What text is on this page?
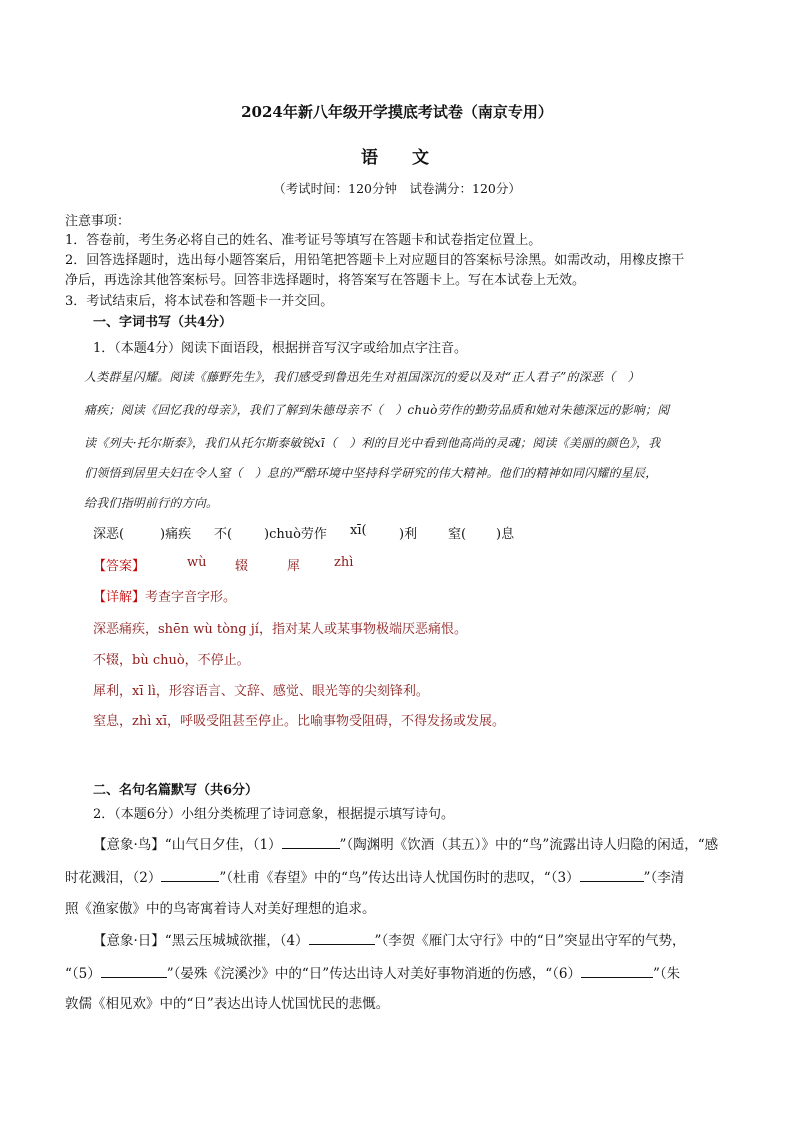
2024年新八年级开学摸底考试卷（南京专用）
语文
（考试时间：120分钟　试卷满分：120分）
注意事项：
1．答卷前，考生务必将自己的姓名、准考证号等填写在答题卡和试卷指定位置上。
2．回答选择题时，选出每小题答案后，用铅笔把答题卡上对应题目的答案标号涂黑。如需改动，用橡皮擦干
净后，再选涂其他答案标号。回答非选择题时，将答案写在答题卡上。写在本试卷上无效。
3．考试结束后，将本试卷和答题卡一并交回。
一、字词书写（共4分）
1．（本题4分）阅读下面语段，根据拼音写汉字或给加点字注音。
人类群星闪耀。阅读《藤野先生》，我们感受到鲁迅先生对祖国深沉的爱以及对“正人君子”的深恶（　）
痛疾；阅读《回忆我的母亲》，我们了解到朱德母亲不（　）chuò劳作的勤劳品质和她对朱德深远的影响；阅
读《列夫·托尔斯泰》，我们从托尔斯泰敏锐xī（　）利的目光中看到他高尚的灵魂；阅读《美丽的颜色》，我
们领悟到居里夫妇在令人窒（　）息的严酷环境中坚持科学研究的伟大精神。他们的精神如同闪耀的星辰，
给我们指明前行的方向。
深恶(	)痛疾 不( )chuò劳作 xī( )利 窒( )息
【答案】	wù 辍	犀	zhì
【详解】考查字音字形。
深恶痛疾，shēn wù tòng jí，指对某人或某事物极端厌恶痛恨。
不辍，bù chuò，不停止。
犀利，xī lì，形容语言、文辞、感觉、眼光等的尖刻锋利。
窒息，zhì xī，呼吸受阻甚至停止。比喻事物受阻碍，不得发扬或发展。
二、名句名篇默写（共6分）
2．（本题6分）小组分类梳理了诗词意象，根据提示填写诗句。
【意象·鸟】“山气日夕佳，（1）	”（陶渊明《饮酒（其五）》中的“鸟”流露出诗人归隐的闲适，“感
时花溅泪，（2）	”（杜甫《春望》中的“鸟”传达出诗人忧国伤时的悲叹，“（3）	”（李清
照《渔家傲》中的鸟寄寓着诗人对美好理想的追求。
【意象·日】“黑云压城城欲摧，（4）	”（李贺《雁门太守行》中的“日”突显出守军的气势，
“（5）	”（晏殊《浣溪沙》中的“日”传达出诗人对美好事物消逝的伤感，“（6）	”（朱
敦儒《相见欢》中的“日”表达出诗人忧国忧民的悲慨。
